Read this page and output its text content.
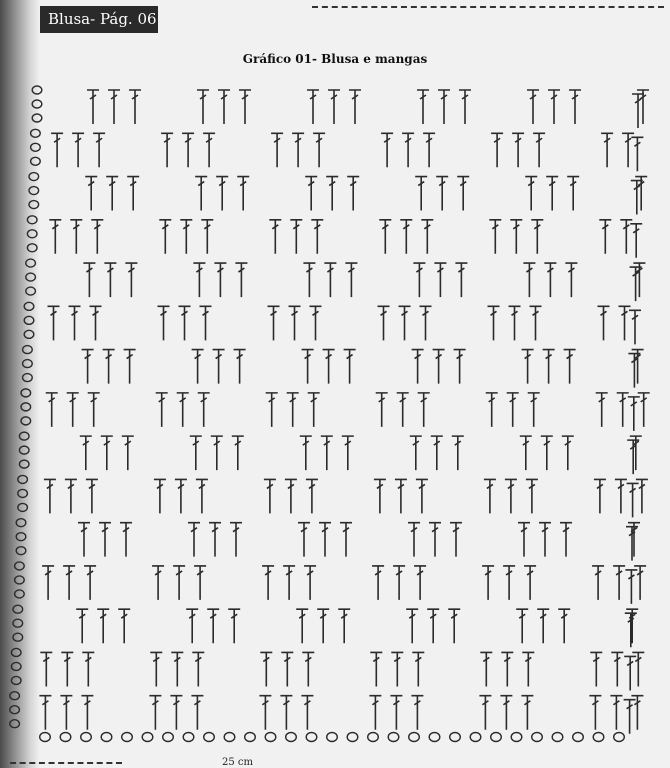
Blusa- Pág. 06
Gráfico 01- Blusa e mangas
25 cm
